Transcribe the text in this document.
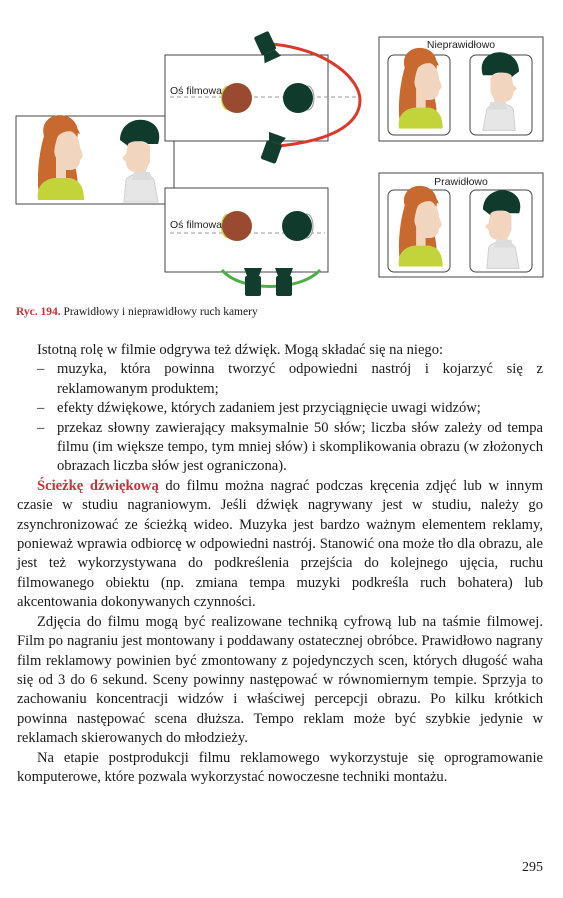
Oś filmowa
Oś filmowa
Nieprawidłowo
Prawidłowo
Ryc. 194. Prawidłowy i nieprawidłowy ruch kamery

Istotną rolę w filmie odgrywa też dźwięk. Mogą składać się na niego:

– muzyka, która powinna tworzyć odpowiedni nastrój i kojarzyć się z reklamowanym produktem;
– efekty dźwiękowe, których zadaniem jest przyciągnięcie uwagi widzów;
– przekaz słowny zawierający maksymalnie 50 słów; liczba słów zależy od tempa filmu (im większe tempo, tym mniej słów) i skomplikowania obrazu (w złożonych obrazach liczba słów jest ograniczona).

Ścieżkę dźwiękową do filmu można nagrać podczas kręcenia zdjęć lub w innym czasie w studiu nagraniowym. Jeśli dźwięk nagrywany jest w studiu, należy go zsynchronizować ze ścieżką wideo. Muzyka jest bardzo ważnym elementem reklamy, ponieważ wprawia odbiorcę w odpowiedni nastrój. Stanowić ona może tło dla obrazu, ale jest też wykorzystywana do podkreślenia przejścia do kolejnego ujęcia, ruchu filmowanego obiektu (np. zmiana tempa muzyki podkreśla ruch bohatera) lub akcentowania dokonywanych czynności.

Zdjęcia do filmu mogą być realizowane techniką cyfrową lub na taśmie filmowej. Film po nagraniu jest montowany i poddawany ostatecznej obróbce. Prawidłowo nagrany film reklamowy powinien być zmontowany z pojedynczych scen, których długość waha się od 3 do 6 sekund. Sceny powinny następować w równomiernym tempie. Sprzyja to zachowaniu koncentracji widzów i właściwej percepcji obrazu. Po kilku krótkich powinna następować scena dłuższa. Tempo reklam może być szybkie jedynie w reklamach skierowanych do młodzieży.

Na etapie postprodukcji filmu reklamowego wykorzystuje się oprogramowanie komputerowe, które pozwala wykorzystać nowoczesne techniki montażu.

295
